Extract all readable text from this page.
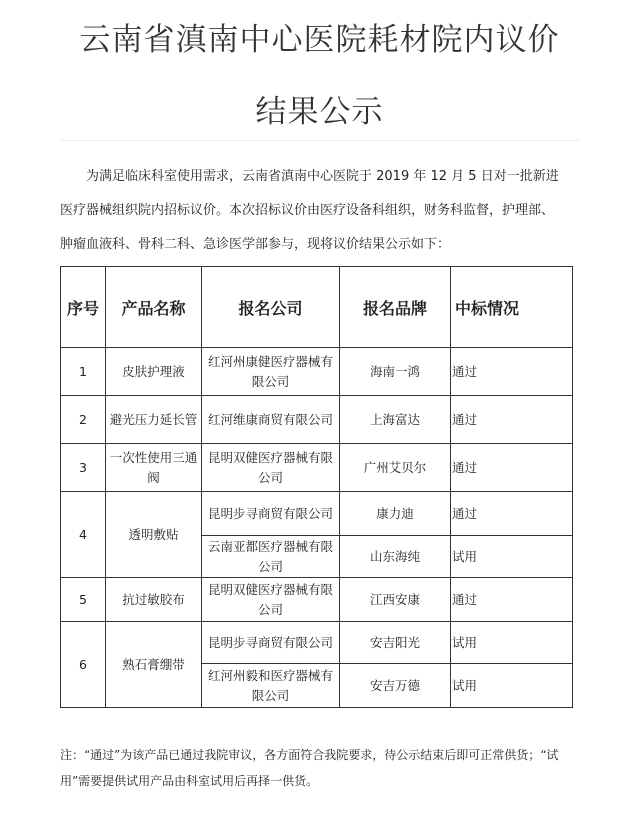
云南省滇南中心医院耗材院内议价
结果公示

为满足临床科室使用需求，云南省滇南中心医院于 2019 年 12 月 5 日对一批新进医疗器械组织院内招标议价。本次招标议价由医疗设备科组织，财务科监督，护理部、肿瘤血液科、骨科二科、急诊医学部参与，现将议价结果公示如下：

序号	产品名称	报名公司	报名品牌	中标情况
1	皮肤护理液	红河州康健医疗器械有限公司	海南一鸿	通过
2	避光压力延长管	红河维康商贸有限公司	上海富达	通过
3	一次性使用三通阀	昆明双健医疗器械有限公司	广州艾贝尔	通过
4	透明敷贴	昆明步寻商贸有限公司	康力迪	通过
		云南亚都医疗器械有限公司	山东海纯	试用
5	抗过敏胶布	昆明双健医疗器械有限公司	江西安康	通过
6	熟石膏绷带	昆明步寻商贸有限公司	安吉阳光	试用
		红河州毅和医疗器械有限公司	安吉万德	试用

注：“通过”为该产品已通过我院审议，各方面符合我院要求，待公示结束后即可正常供货；“试用”需要提供试用产品由科室试用后再择一供货。
